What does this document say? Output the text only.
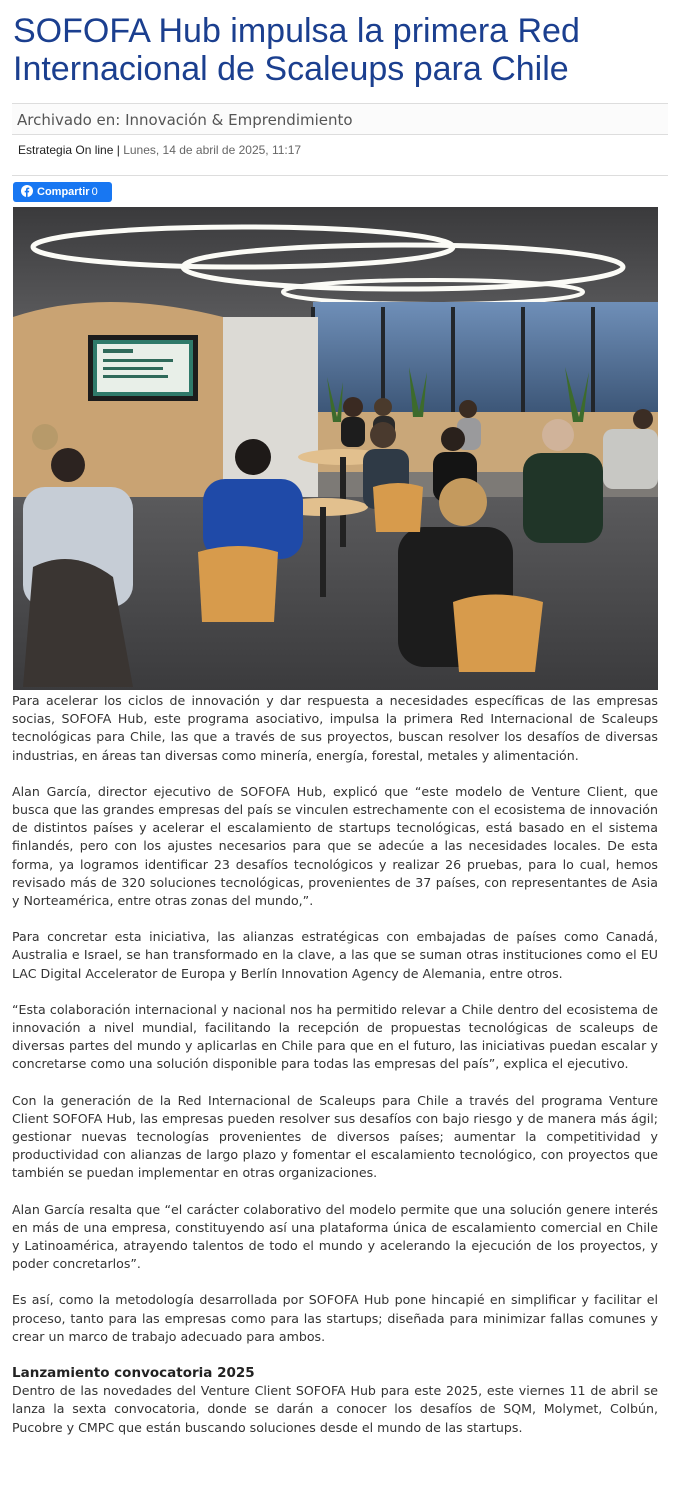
SOFOFA Hub impulsa la primera Red Internacional de Scaleups para Chile
Archivado en: Innovación & Emprendimiento
Estrategia On line | Lunes, 14 de abril de 2025, 11:17
Compartir 0

Para acelerar los ciclos de innovación y dar respuesta a necesidades específicas de las empresas socias, SOFOFA Hub, este programa asociativo, impulsa la primera Red Internacional de Scaleups tecnológicas para Chile, las que a través de sus proyectos, buscan resolver los desafíos de diversas industrias, en áreas tan diversas como minería, energía, forestal, metales y alimentación.

Alan García, director ejecutivo de SOFOFA Hub, explicó que “este modelo de Venture Client, que busca que las grandes empresas del país se vinculen estrechamente con el ecosistema de innovación de distintos países y acelerar el escalamiento de startups tecnológicas, está basado en el sistema finlandés, pero con los ajustes necesarios para que se adecúe a las necesidades locales. De esta forma, ya logramos identificar 23 desafíos tecnológicos y realizar 26 pruebas, para lo cual, hemos revisado más de 320 soluciones tecnológicas, provenientes de 37 países, con representantes de Asia y Norteamérica, entre otras zonas del mundo,”.

Para concretar esta iniciativa, las alianzas estratégicas con embajadas de países como Canadá, Australia e Israel, se han transformado en la clave, a las que se suman otras instituciones como el EU LAC Digital Accelerator de Europa y Berlín Innovation Agency de Alemania, entre otros.

“Esta colaboración internacional y nacional nos ha permitido relevar a Chile dentro del ecosistema de innovación a nivel mundial, facilitando la recepción de propuestas tecnológicas de scaleups de diversas partes del mundo y aplicarlas en Chile para que en el futuro, las iniciativas puedan escalar y concretarse como una solución disponible para todas las empresas del país”, explica el ejecutivo.

Con la generación de la Red Internacional de Scaleups para Chile a través del programa Venture Client SOFOFA Hub, las empresas pueden resolver sus desafíos con bajo riesgo y de manera más ágil; gestionar nuevas tecnologías provenientes de diversos países; aumentar la competitividad y productividad con alianzas de largo plazo y fomentar el escalamiento tecnológico, con proyectos que también se puedan implementar en otras organizaciones.

Alan García resalta que “el carácter colaborativo del modelo permite que una solución genere interés en más de una empresa, constituyendo así una plataforma única de escalamiento comercial en Chile y Latinoamérica, atrayendo talentos de todo el mundo y acelerando la ejecución de los proyectos, y poder concretarlos”.

Es así, como la metodología desarrollada por SOFOFA Hub pone hincapié en simplificar y facilitar el proceso, tanto para las empresas como para las startups; diseñada para minimizar fallas comunes y crear un marco de trabajo adecuado para ambos.

Lanzamiento convocatoria 2025

Dentro de las novedades del Venture Client SOFOFA Hub para este 2025, este viernes 11 de abril se lanza la sexta convocatoria, donde se darán a conocer los desafíos de SQM, Molymet, Colbún, Pucobre y CMPC que están buscando soluciones desde el mundo de las startups.
